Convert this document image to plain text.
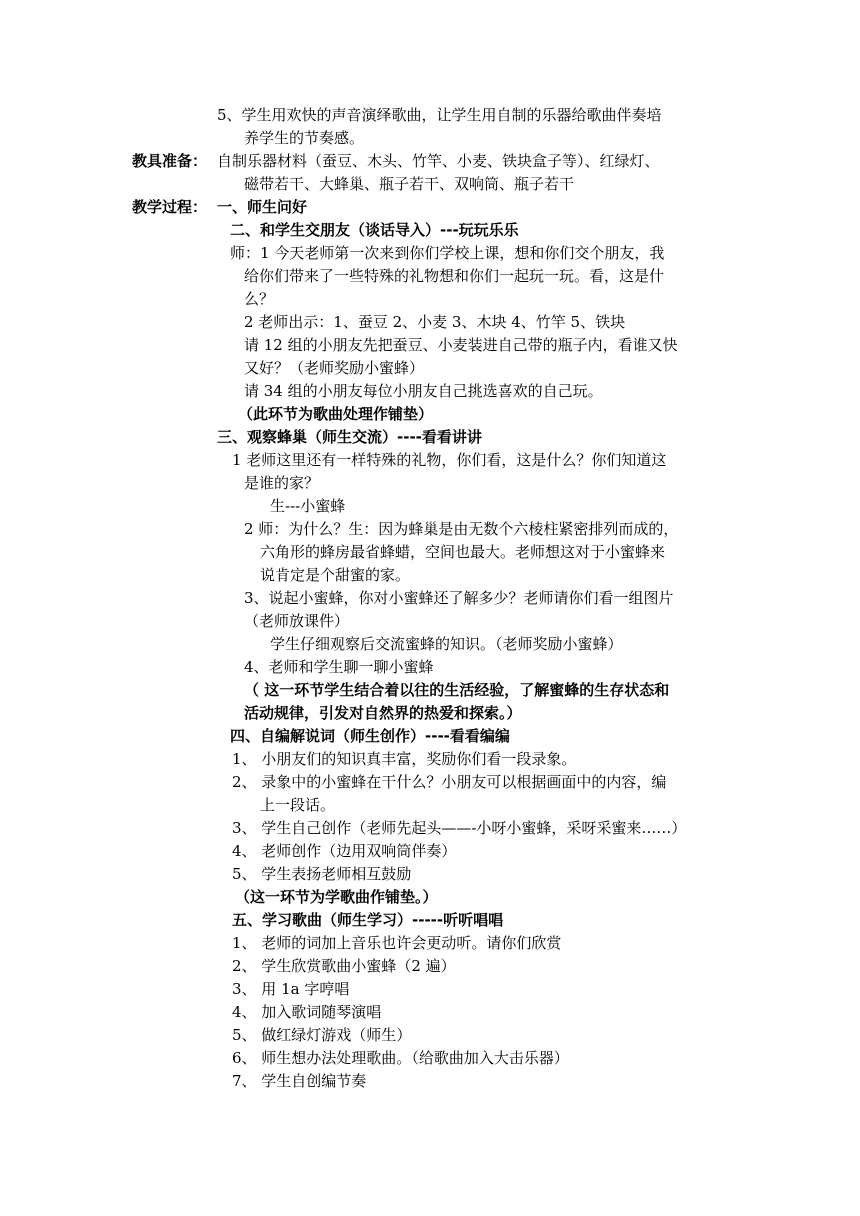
5、学生用欢快的声音演绎歌曲，让学生用自制的乐器给歌曲伴奏培
养学生的节奏感。
教具准备： 自制乐器材料（蚕豆、木头、竹竿、小麦、铁块盒子等）、红绿灯、
磁带若干、大蜂巢、瓶子若干、双响筒、瓶子若干
教学过程： 一、师生问好
二、和学生交朋友（谈话导入）---玩玩乐乐
师：1 今天老师第一次来到你们学校上课，想和你们交个朋友，我
给你们带来了一些特殊的礼物想和你们一起玩一玩。看，这是什
么？
2 老师出示：1、蚕豆 2、小麦 3、木块 4、竹竿 5、铁块
请 12 组的小朋友先把蚕豆、小麦装进自己带的瓶子内，看谁又快
又好？（老师奖励小蜜蜂）
请 34 组的小朋友每位小朋友自己挑选喜欢的自己玩。
（此环节为歌曲处理作铺垫）
三、观察蜂巢（师生交流）----看看讲讲
1 老师这里还有一样特殊的礼物，你们看，这是什么？你们知道这
是谁的家？
生---小蜜蜂
2 师：为什么？生：因为蜂巢是由无数个六棱柱紧密排列而成的，
六角形的蜂房最省蜂蜡，空间也最大。老师想这对于小蜜蜂来
说肯定是个甜蜜的家。
3、说起小蜜蜂，你对小蜜蜂还了解多少？老师请你们看一组图片
（老师放课件）
学生仔细观察后交流蜜蜂的知识。（老师奖励小蜜蜂）
4、老师和学生聊一聊小蜜蜂
（ 这一环节学生结合着以往的生活经验，了解蜜蜂的生存状态和
活动规律，引发对自然界的热爱和探索。）
四、自编解说词（师生创作）----看看编编
1、 小朋友们的知识真丰富，奖励你们看一段录象。
2、 录象中的小蜜蜂在干什么？小朋友可以根据画面中的内容，编
上一段话。
3、 学生自己创作（老师先起头——-小呀小蜜蜂，采呀采蜜来……）
4、 老师创作（边用双响筒伴奏）
5、 学生表扬老师相互鼓励
（这一环节为学歌曲作铺垫。）
五、学习歌曲（师生学习）-----听听唱唱
1、 老师的词加上音乐也许会更动听。请你们欣赏
2、 学生欣赏歌曲小蜜蜂（2 遍）
3、 用 1a 字哼唱
4、 加入歌词随琴演唱
5、 做红绿灯游戏（师生）
6、 师生想办法处理歌曲。（给歌曲加入大击乐器）
7、 学生自创编节奏
